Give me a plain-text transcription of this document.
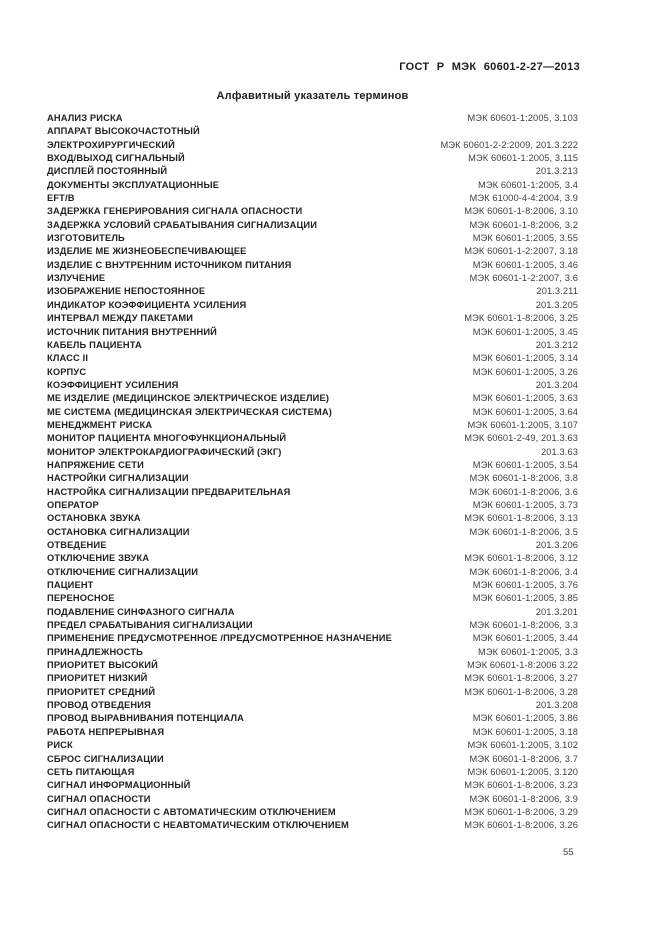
ГОСТ Р МЭК 60601-2-27—2013
Алфавитный указатель терминов
АНАЛИЗ РИСКА	МЭК 60601-1:2005, 3.103
АППАРАТ ВЫСОКОЧАСТОТНЫЙ
ЭЛЕКТРОХИРУРГИЧЕСКИЙ	МЭК 60601-2-2:2009, 201.3.222
ВХОД/ВЫХОД СИГНАЛЬНЫЙ	МЭК 60601-1:2005, 3.115
ДИСПЛЕЙ ПОСТОЯННЫЙ	201.3.213
ДОКУМЕНТЫ ЭКСПЛУАТАЦИОННЫЕ	МЭК 60601-1:2005, 3.4
EFT/B	МЭК 61000-4-4:2004, 3.9
ЗАДЕРЖКА ГЕНЕРИРОВАНИЯ СИГНАЛА ОПАСНОСТИ	МЭК 60601-1-8:2006, 3.10
ЗАДЕРЖКА УСЛОВИЙ СРАБАТЫВАНИЯ СИГНАЛИЗАЦИИ	МЭК 60601-1-8:2006, 3.2
ИЗГОТОВИТЕЛЬ	МЭК 60601-1:2005, 3.55
ИЗДЕЛИЕ МЕ ЖИЗНЕОБЕСПЕЧИВАЮЩЕЕ	МЭК 60601-1-2:2007, 3.18
ИЗДЕЛИЕ С ВНУТРЕННИМ ИСТОЧНИКОМ ПИТАНИЯ	МЭК 60601-1:2005, 3.46
ИЗЛУЧЕНИЕ	МЭК 60601-1-2:2007, 3.6
ИЗОБРАЖЕНИЕ НЕПОСТОЯННОЕ	201.3.211
ИНДИКАТОР КОЭФФИЦИЕНТА УСИЛЕНИЯ	201.3.205
ИНТЕРВАЛ МЕЖДУ ПАКЕТАМИ	МЭК 60601-1-8:2006, 3.25
ИСТОЧНИК ПИТАНИЯ ВНУТРЕННИЙ	МЭК 60601-1:2005, 3.45
КАБЕЛЬ ПАЦИЕНТА	201.3.212
КЛАСС II	МЭК 60601-1:2005, 3.14
КОРПУС	МЭК 60601-1:2005, 3.26
КОЭФФИЦИЕНТ УСИЛЕНИЯ	201.3.204
МЕ ИЗДЕЛИЕ (МЕДИЦИНСКОЕ ЭЛЕКТРИЧЕСКОЕ ИЗДЕЛИЕ)	МЭК 60601-1:2005, 3.63
МЕ СИСТЕМА (МЕДИЦИНСКАЯ ЭЛЕКТРИЧЕСКАЯ СИСТЕМА)	МЭК 60601-1:2005, 3.64
МЕНЕДЖМЕНТ РИСКА	МЭК 60601-1:2005, 3.107
МОНИТОР ПАЦИЕНТА МНОГОФУНКЦИОНАЛЬНЫЙ	МЭК 60601-2-49, 201.3.63
МОНИТОР ЭЛЕКТРОКАРДИОГРАФИЧЕСКИЙ (ЭКГ)	201.3.63
НАПРЯЖЕНИЕ СЕТИ	МЭК 60601-1:2005, 3.54
НАСТРОЙКИ СИГНАЛИЗАЦИИ	МЭК 60601-1-8:2006, 3.8
НАСТРОЙКА СИГНАЛИЗАЦИИ ПРЕДВАРИТЕЛЬНАЯ	МЭК 60601-1-8:2006, 3.6
ОПЕРАТОР	МЭК 60601-1:2005, 3.73
ОСТАНОВКА ЗВУКА	МЭК 60601-1-8:2006, 3.13
ОСТАНОВКА СИГНАЛИЗАЦИИ	МЭК 60601-1-8:2006, 3.5
ОТВЕДЕНИЕ	201.3.206
ОТКЛЮЧЕНИЕ ЗВУКА	МЭК 60601-1-8:2006, 3.12
ОТКЛЮЧЕНИЕ СИГНАЛИЗАЦИИ	МЭК 60601-1-8:2006, 3.4
ПАЦИЕНТ	МЭК 60601-1:2005, 3.76
ПЕРЕНОСНОЕ	МЭК 60601-1:2005, 3.85
ПОДАВЛЕНИЕ СИНФАЗНОГО СИГНАЛА	201.3.201
ПРЕДЕЛ СРАБАТЫВАНИЯ СИГНАЛИЗАЦИИ	МЭК 60601-1-8:2006, 3.3
ПРИМЕНЕНИЕ ПРЕДУСМОТРЕННОЕ /ПРЕДУСМОТРЕННОЕ НАЗНАЧЕНИЕ	МЭК 60601-1:2005, 3.44
ПРИНАДЛЕЖНОСТЬ	МЭК 60601-1:2005, 3.3
ПРИОРИТЕТ ВЫСОКИЙ	МЭК 60601-1-8:2006 3.22
ПРИОРИТЕТ НИЗКИЙ	МЭК 60601-1-8:2006, 3.27
ПРИОРИТЕТ СРЕДНИЙ	МЭК 60601-1-8:2006, 3.28
ПРОВОД ОТВЕДЕНИЯ	201.3.208
ПРОВОД ВЫРАВНИВАНИЯ ПОТЕНЦИАЛА	МЭК 60601-1:2005, 3.86
РАБОТА НЕПРЕРЫВНАЯ	МЭК 60601-1:2005, 3.18
РИСК	МЭК 60601-1:2005, 3.102
СБРОС СИГНАЛИЗАЦИИ	МЭК 60601-1-8:2006, 3.7
СЕТЬ ПИТАЮЩАЯ	МЭК 60601-1:2005, 3.120
СИГНАЛ ИНФОРМАЦИОННЫЙ	МЭК 60601-1-8:2006, 3.23
СИГНАЛ ОПАСНОСТИ	МЭК 60601-1-8:2006, 3.9
СИГНАЛ ОПАСНОСТИ С АВТОМАТИЧЕСКИМ ОТКЛЮЧЕНИЕМ	МЭК 60601-1-8:2006, 3.29
СИГНАЛ ОПАСНОСТИ С НЕАВТОМАТИЧЕСКИМ ОТКЛЮЧЕНИЕМ	МЭК 60601-1-8:2006, 3.26
55
